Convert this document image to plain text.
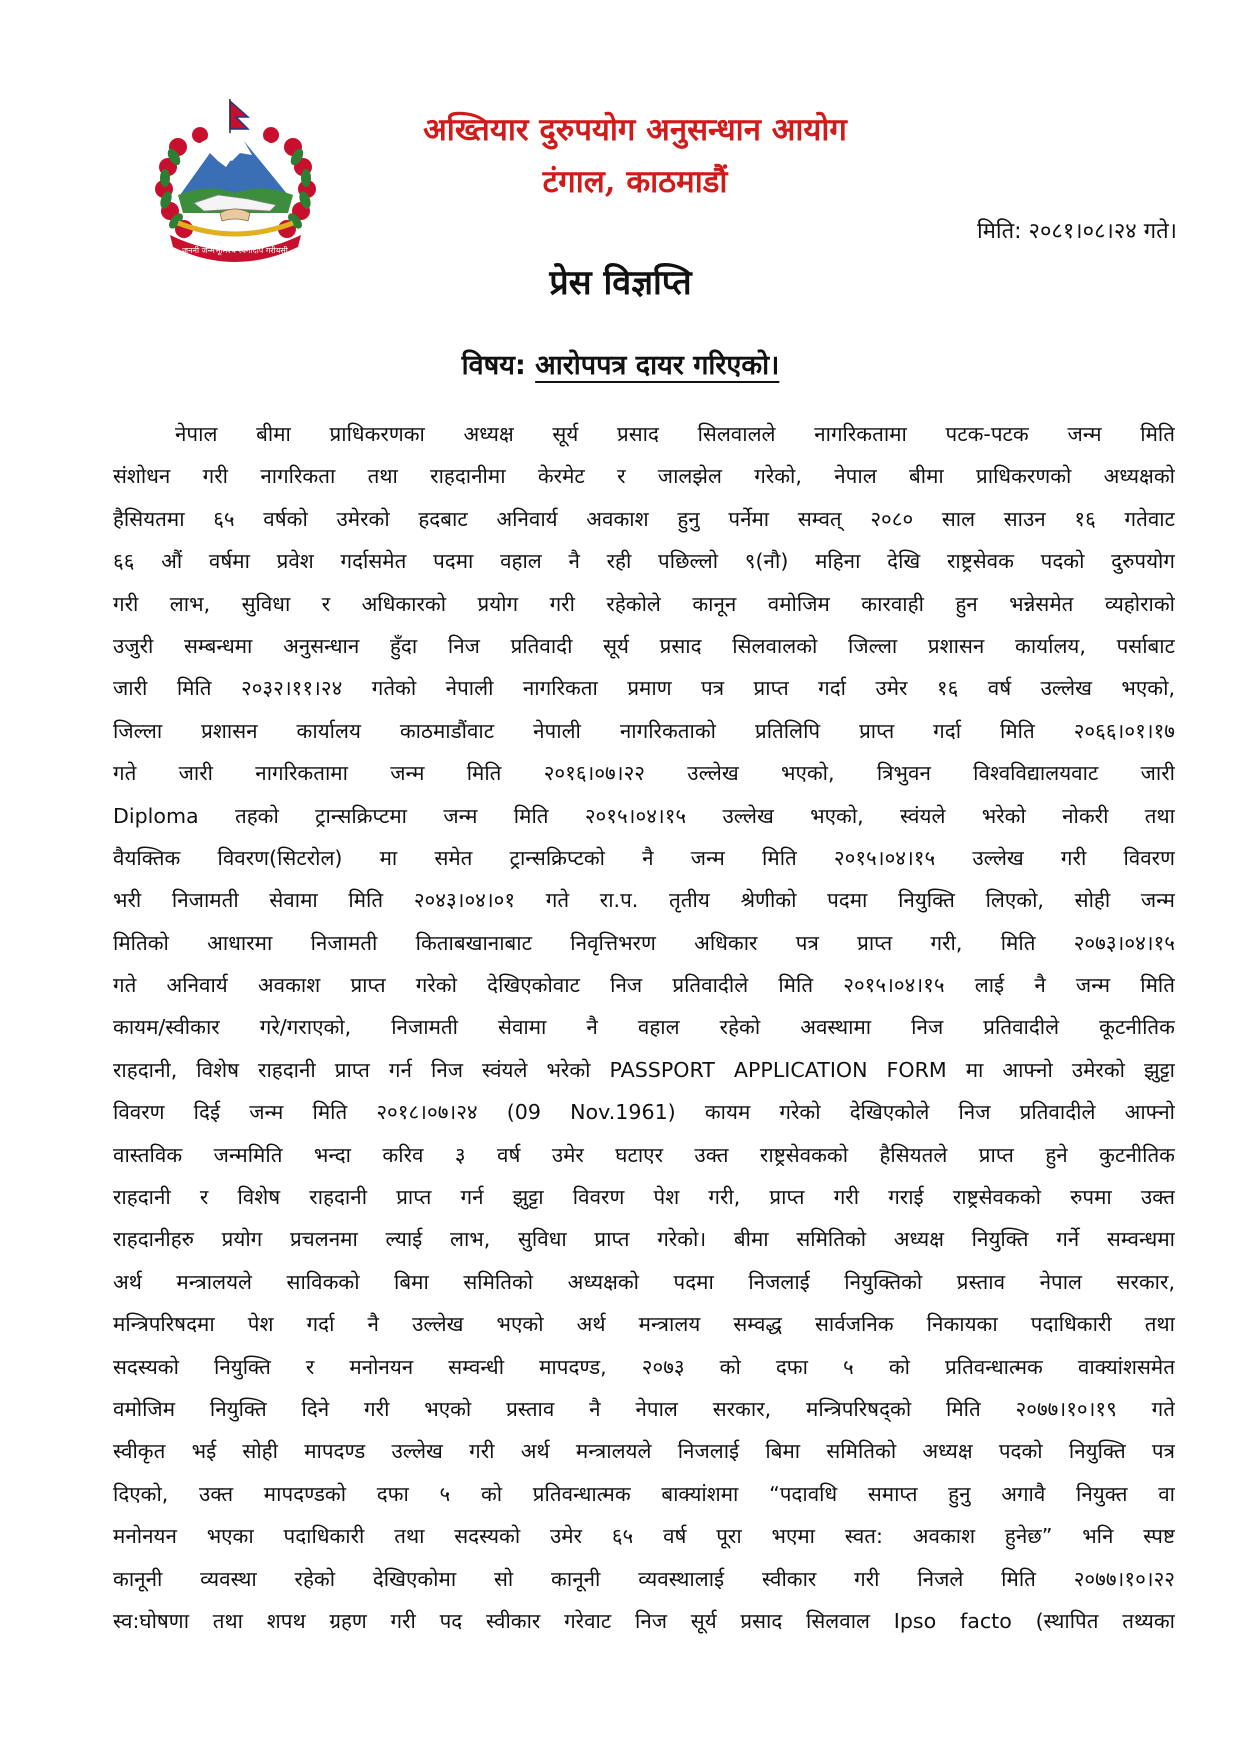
जननी जन्मभूमिश्च स्वर्गादपि गरीयसी
अख्तियार दुरुपयोग अनुसन्धान आयोग
टंगाल, काठमाडौं
मिति: २०८१।०८।२४ गते।
प्रेस विज्ञप्ति
विषय: आरोपपत्र दायर गरिएको।
नेपाल बीमा प्राधिकरणका अध्यक्ष सूर्य प्रसाद सिलवालले नागरिकतामा पटक-पटक जन्म मिति
संशोधन गरी नागरिकता तथा राहदानीमा केरमेट र जालझेल गरेको, नेपाल बीमा प्राधिकरणको अध्यक्षको
हैसियतमा ६५ वर्षको उमेरको हदबाट अनिवार्य अवकाश हुनु पर्नेमा सम्वत् २०८० साल साउन १६ गतेवाट
६६ औं वर्षमा प्रवेश गर्दासमेत पदमा वहाल नै रही पछिल्लो ९(नौ) महिना देखि राष्ट्रसेवक पदको दुरुपयोग
गरी लाभ, सुविधा र अधिकारको प्रयोग गरी रहेकोले कानून वमोजिम कारवाही हुन भन्नेसमेत व्यहोराको
उजुरी सम्बन्धमा अनुसन्धान हुँदा निज प्रतिवादी सूर्य प्रसाद सिलवालको जिल्ला प्रशासन कार्यालय, पर्साबाट
जारी मिति २०३२।११।२४ गतेको नेपाली नागरिकता प्रमाण पत्र प्राप्त गर्दा उमेर १६ वर्ष उल्लेख भएको,
जिल्ला प्रशासन कार्यालय काठमाडौंवाट नेपाली नागरिकताको प्रतिलिपि प्राप्त गर्दा मिति २०६६।०१।१७
गते जारी नागरिकतामा जन्म मिति २०१६।०७।२२ उल्लेख भएको, त्रिभुवन विश्वविद्यालयवाट जारी
Diploma तहको ट्रान्सक्रिप्टमा जन्म मिति २०१५।०४।१५ उल्लेख भएको, स्वंयले भरेको नोकरी तथा
वैयक्तिक विवरण(सिटरोल) मा समेत ट्रान्सक्रिप्टको नै जन्म मिति २०१५।०४।१५ उल्लेख गरी विवरण
भरी निजामती सेवामा मिति २०४३।०४।०१ गते रा.प. तृतीय श्रेणीको पदमा नियुक्ति लिएको, सोही जन्म
मितिको आधारमा निजामती किताबखानाबाट निवृत्तिभरण अधिकार पत्र प्राप्त गरी, मिति २०७३।०४।१५
गते अनिवार्य अवकाश प्राप्त गरेको देखिएकोवाट निज प्रतिवादीले मिति २०१५।०४।१५ लाई नै जन्म मिति
कायम/स्वीकार गरे/गराएको, निजामती सेवामा नै वहाल रहेको अवस्थामा निज प्रतिवादीले कूटनीतिक
राहदानी, विशेष राहदानी प्राप्त गर्न निज स्वंयले भरेको PASSPORT APPLICATION FORM मा आफ्नो उमेरको झुट्टा
विवरण दिई जन्म मिति २०१८।०७।२४ (09 Nov.1961) कायम गरेको देखिएकोले निज प्रतिवादीले आफ्नो
वास्तविक जन्ममिति भन्दा करिव ३ वर्ष उमेर घटाएर उक्त राष्ट्रसेवकको हैसियतले प्राप्त हुने कुटनीतिक
राहदानी र विशेष राहदानी प्राप्त गर्न झुट्टा विवरण पेश गरी, प्राप्त गरी गराई राष्ट्रसेवकको रुपमा उक्त
राहदानीहरु प्रयोग प्रचलनमा ल्याई लाभ, सुविधा प्राप्त गरेको। बीमा समितिको अध्यक्ष नियुक्ति गर्ने सम्वन्धमा
अर्थ मन्त्रालयले साविकको बिमा समितिको अध्यक्षको पदमा निजलाई नियुक्तिको प्रस्ताव नेपाल सरकार,
मन्त्रिपरिषदमा पेश गर्दा नै उल्लेख भएको अर्थ मन्त्रालय सम्वद्ध सार्वजनिक निकायका पदाधिकारी तथा
सदस्यको नियुक्ति र मनोनयन सम्वन्धी मापदण्ड, २०७३ को दफा ५ को प्रतिवन्धात्मक वाक्यांशसमेत
वमोजिम नियुक्ति दिने गरी भएको प्रस्ताव नै नेपाल सरकार, मन्त्रिपरिषद्को मिति २०७७।१०।१९ गते
स्वीकृत भई सोही मापदण्ड उल्लेख गरी अर्थ मन्त्रालयले निजलाई बिमा समितिको अध्यक्ष पदको नियुक्ति पत्र
दिएको, उक्त मापदण्डको दफा ५ को प्रतिवन्धात्मक बाक्यांशमा “पदावधि समाप्त हुनु अगावै नियुक्त वा
मनोनयन भएका पदाधिकारी तथा सदस्यको उमेर ६५ वर्ष पूरा भएमा स्वत: अवकाश हुनेछ” भनि स्पष्ट
कानूनी व्यवस्था रहेको देखिएकोमा सो कानूनी व्यवस्थालाई स्वीकार गरी निजले मिति २०७७।१०।२२
स्व:घोषणा तथा शपथ ग्रहण गरी पद स्वीकार गरेवाट निज सूर्य प्रसाद सिलवाल Ipso facto (स्थापित तथ्यका
